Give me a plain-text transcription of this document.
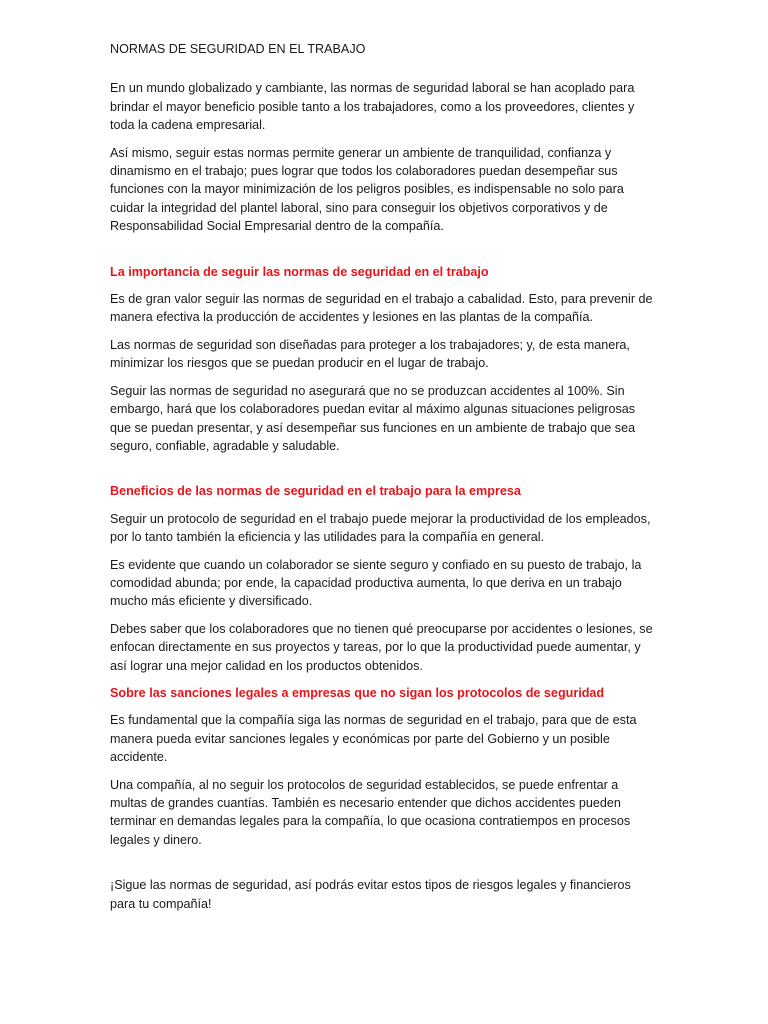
NORMAS DE SEGURIDAD EN EL TRABAJO

En un mundo globalizado y cambiante, las normas de seguridad laboral se han acoplado para brindar el mayor beneficio posible tanto a los trabajadores, como a los proveedores, clientes y toda la cadena empresarial.

Así mismo, seguir estas normas permite generar un ambiente de tranquilidad, confianza y dinamismo en el trabajo; pues lograr que todos los colaboradores puedan desempeñar sus funciones con la mayor minimización de los peligros posibles, es indispensable no solo para cuidar la integridad del plantel laboral, sino para conseguir los objetivos corporativos y de Responsabilidad Social Empresarial dentro de la compañía.

La importancia de seguir las normas de seguridad en el trabajo

Es de gran valor seguir las normas de seguridad en el trabajo a cabalidad. Esto, para prevenir de manera efectiva la producción de accidentes y lesiones en las plantas de la compañía.

Las normas de seguridad son diseñadas para proteger a los trabajadores; y, de esta manera, minimizar los riesgos que se puedan producir en el lugar de trabajo.

Seguir las normas de seguridad no asegurará que no se produzcan accidentes al 100%. Sin embargo, hará que los colaboradores puedan evitar al máximo algunas situaciones peligrosas que se puedan presentar, y así desempeñar sus funciones en un ambiente de trabajo que sea seguro, confiable, agradable y saludable.

Beneficios de las normas de seguridad en el trabajo para la empresa

Seguir un protocolo de seguridad en el trabajo puede mejorar la productividad de los empleados, por lo tanto también la eficiencia y las utilidades para la compañía en general.

Es evidente que cuando un colaborador se siente seguro y confiado en su puesto de trabajo, la comodidad abunda; por ende, la capacidad productiva aumenta, lo que deriva en un trabajo mucho más eficiente y diversificado.

Debes saber que los colaboradores que no tienen qué preocuparse por accidentes o lesiones, se enfocan directamente en sus proyectos y tareas, por lo que la productividad puede aumentar, y así lograr una mejor calidad en los productos obtenidos.

Sobre las sanciones legales a empresas que no sigan los protocolos de seguridad

Es fundamental que la compañía siga las normas de seguridad en el trabajo, para que de esta manera pueda evitar sanciones legales y económicas por parte del Gobierno y un posible accidente.

Una compañía, al no seguir los protocolos de seguridad establecidos, se puede enfrentar a multas de grandes cuantías. También es necesario entender que dichos accidentes pueden terminar en demandas legales para la compañía, lo que ocasiona contratiempos en procesos legales y dinero.

¡Sigue las normas de seguridad, así podrás evitar estos tipos de riesgos legales y financieros para tu compañía!
